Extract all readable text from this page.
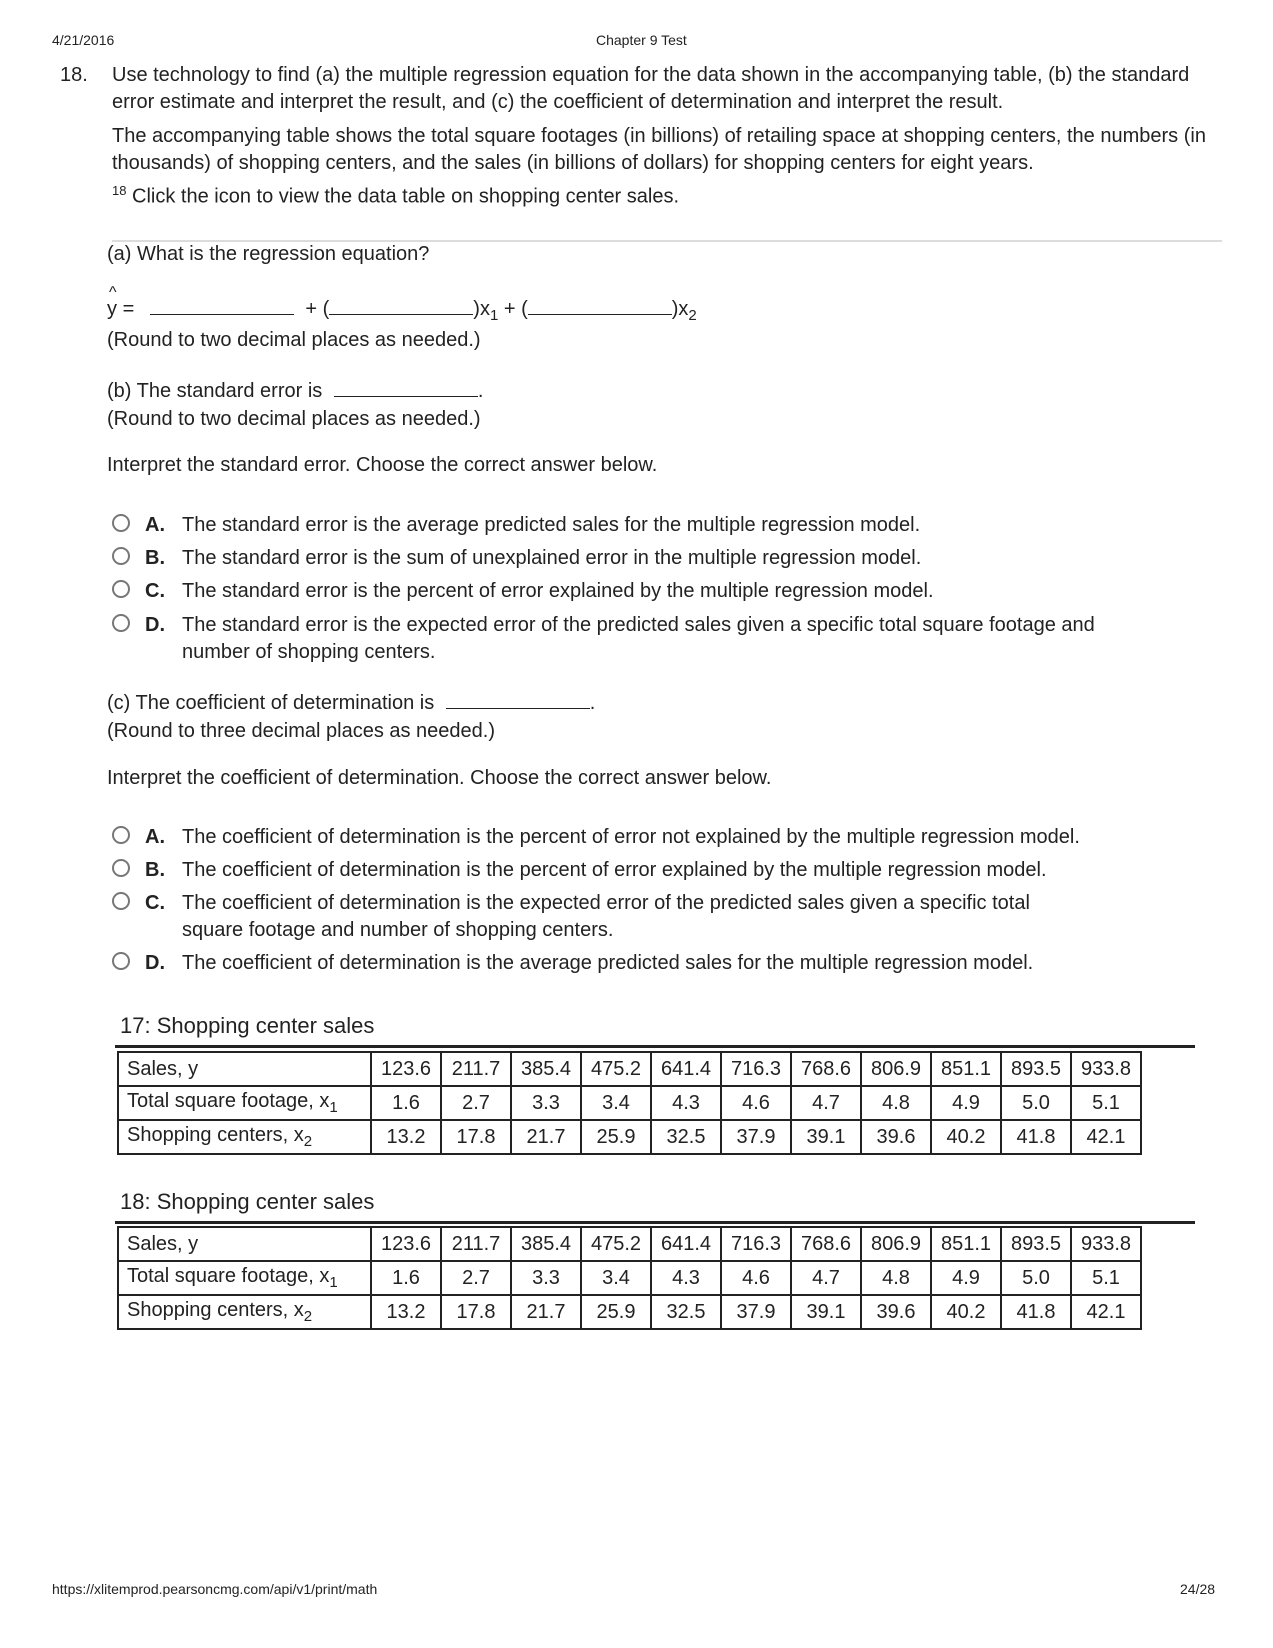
4/21/2016	Chapter 9 Test
18. Use technology to find (a) the multiple regression equation for the data shown in the accompanying table, (b) the standard error estimate and interpret the result, and (c) the coefficient of determination and interpret the result.

The accompanying table shows the total square footages (in billions) of retailing space at shopping centers, the numbers (in thousands) of shopping centers, and the sales (in billions of dollars) for shopping centers for eight years.

$^{18}$ Click the icon to view the data table on shopping center sales.

(a) What is the regression equation?
^
y =	+ (	)$x_1$ + (	)$x_2$
(Round to two decimal places as needed.)
(b) The standard error is	.
(Round to two decimal places as needed.)
Interpret the standard error. Choose the correct answer below.
A. The standard error is the average predicted sales for the multiple regression model.
B. The standard error is the sum of unexplained error in the multiple regression model.
C. The standard error is the percent of error explained by the multiple regression model.
D. The standard error is the expected error of the predicted sales given a specific total square footage and number of shopping centers.
(c) The coefficient of determination is	.
(Round to three decimal places as needed.)
Interpret the coefficient of determination. Choose the correct answer below.
A. The coefficient of determination is the percent of error not explained by the multiple regression model.
B. The coefficient of determination is the percent of error explained by the multiple regression model.
C. The coefficient of determination is the expected error of the predicted sales given a specific total square footage and number of shopping centers.
D. The coefficient of determination is the average predicted sales for the multiple regression model.
17: Shopping center sales
Sales, y	123.6	211.7	385.4	475.2	641.4	716.3	768.6	806.9	851.1	893.5	933.8
Total square footage, $x_1$	1.6	2.7	3.3	3.4	4.3	4.6	4.7	4.8	4.9	5.0	5.1
Shopping centers, $x_2$	13.2	17.8	21.7	25.9	32.5	37.9	39.1	39.6	40.2	41.8	42.1
18: Shopping center sales
Sales, y	123.6	211.7	385.4	475.2	641.4	716.3	768.6	806.9	851.1	893.5	933.8
Total square footage, $x_1$	1.6	2.7	3.3	3.4	4.3	4.6	4.7	4.8	4.9	5.0	5.1
Shopping centers, $x_2$	13.2	17.8	21.7	25.9	32.5	37.9	39.1	39.6	40.2	41.8	42.1
https://xlitemprod.pearsoncmg.com/api/v1/print/math	24/28
